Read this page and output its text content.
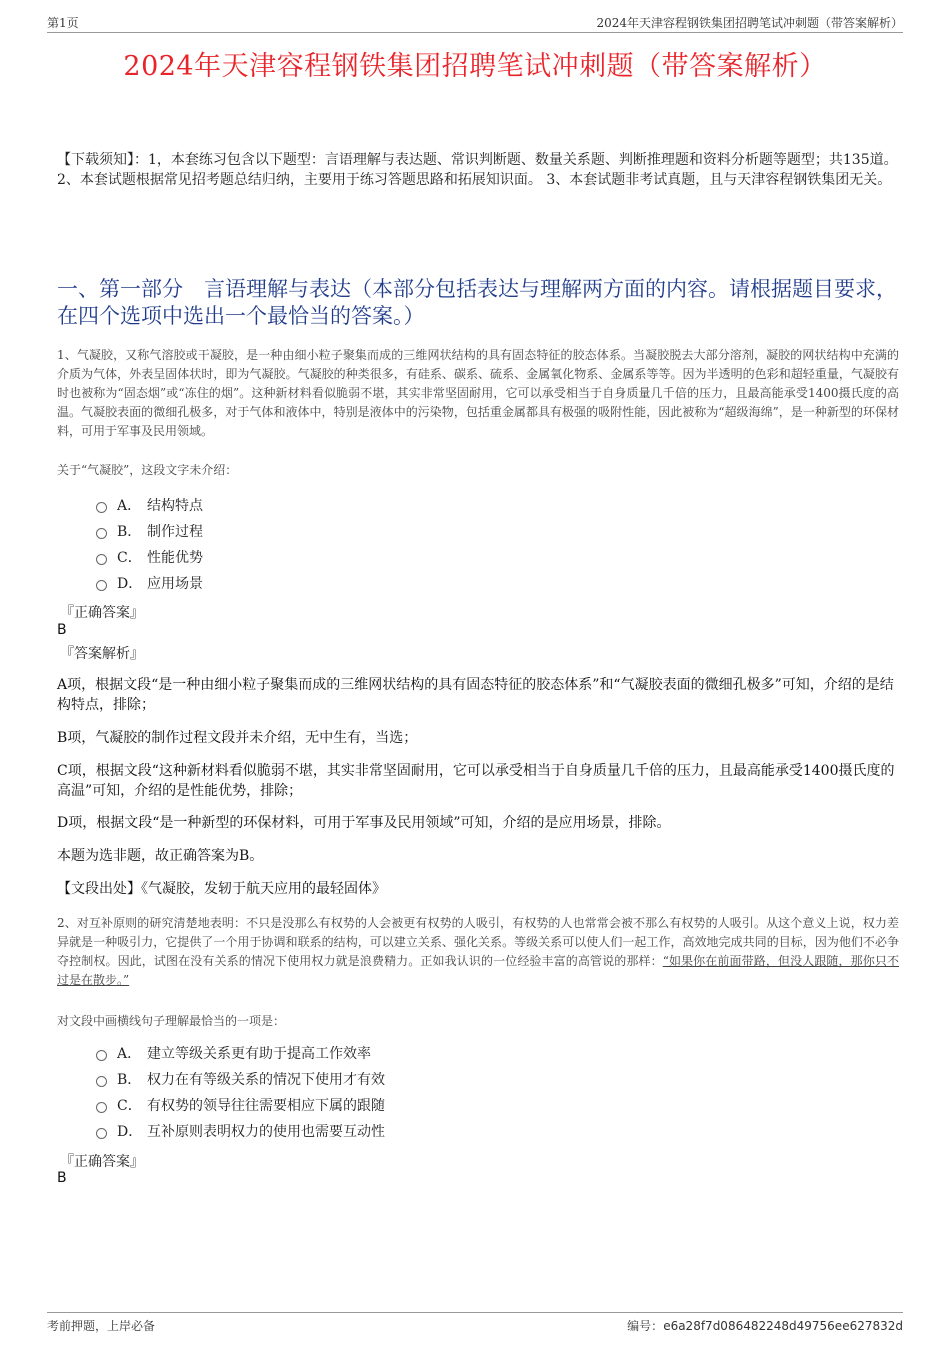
第1页	2024年天津容程钢铁集团招聘笔试冲刺题（带答案解析）
2024年天津容程钢铁集团招聘笔试冲刺题（带答案解析）
【下载须知】：1，本套练习包含以下题型：言语理解与表达题、常识判断题、数量关系题、判断推理题和资料分析题等题型；共135道。 2、本套试题根据常见招考题总结归纳，主要用于练习答题思路和拓展知识面。 3、本套试题非考试真题，且与天津容程钢铁集团无关。
一、第一部分　言语理解与表达（本部分包括表达与理解两方面的内容。请根据题目要求，在四个选项中选出一个最恰当的答案。）
1、气凝胶，又称气溶胶或干凝胶，是一种由细小粒子聚集而成的三维网状结构的具有固态特征的胶态体系。当凝胶脱去大部分溶剂，凝胶的网状结构中充满的介质为气体，外表呈固体状时，即为气凝胶。气凝胶的种类很多，有硅系、碳系、硫系、金属氧化物系、金属系等等。因为半透明的色彩和超轻重量，气凝胶有时也被称为“固态烟”或“冻住的烟”。这种新材料看似脆弱不堪，其实非常坚固耐用，它可以承受相当于自身质量几千倍的压力，且最高能承受1400摄氏度的高温。气凝胶表面的微细孔极多，对于气体和液体中，特别是液体中的污染物，包括重金属都具有极强的吸附性能，因此被称为“超级海绵”，是一种新型的环保材料，可用于军事及民用领域。
关于“气凝胶”，这段文字未介绍：
A． 结构特点
B． 制作过程
C． 性能优势
D． 应用场景
『正确答案』
B
『答案解析』
A项，根据文段“是一种由细小粒子聚集而成的三维网状结构的具有固态特征的胶态体系”和“气凝胶表面的微细孔极多”可知，介绍的是结构特点，排除；
B项，气凝胶的制作过程文段并未介绍，无中生有，当选；
C项，根据文段“这种新材料看似脆弱不堪，其实非常坚固耐用，它可以承受相当于自身质量几千倍的压力，且最高能承受1400摄氏度的高温”可知，介绍的是性能优势，排除；
D项，根据文段“是一种新型的环保材料，可用于军事及民用领域”可知，介绍的是应用场景，排除。
本题为选非题，故正确答案为B。
【文段出处】《气凝胶，发轫于航天应用的最轻固体》
2、对互补原则的研究清楚地表明：不只是没那么有权势的人会被更有权势的人吸引，有权势的人也常常会被不那么有权势的人吸引。从这个意义上说，权力差异就是一种吸引力，它提供了一个用于协调和联系的结构，可以建立关系、强化关系。等级关系可以使人们一起工作，高效地完成共同的目标，因为他们不必争夺控制权。因此，试图在没有关系的情况下使用权力就是浪费精力。正如我认识的一位经验丰富的高管说的那样：“如果你在前面带路，但没人跟随，那你只不过是在散步。”
对文段中画横线句子理解最恰当的一项是：
A． 建立等级关系更有助于提高工作效率
B． 权力在有等级关系的情况下使用才有效
C． 有权势的领导往往需要相应下属的跟随
D． 互补原则表明权力的使用也需要互动性
『正确答案』
B
考前押题，上岸必备	编号：e6a28f7d086482248d49756ee627832d
